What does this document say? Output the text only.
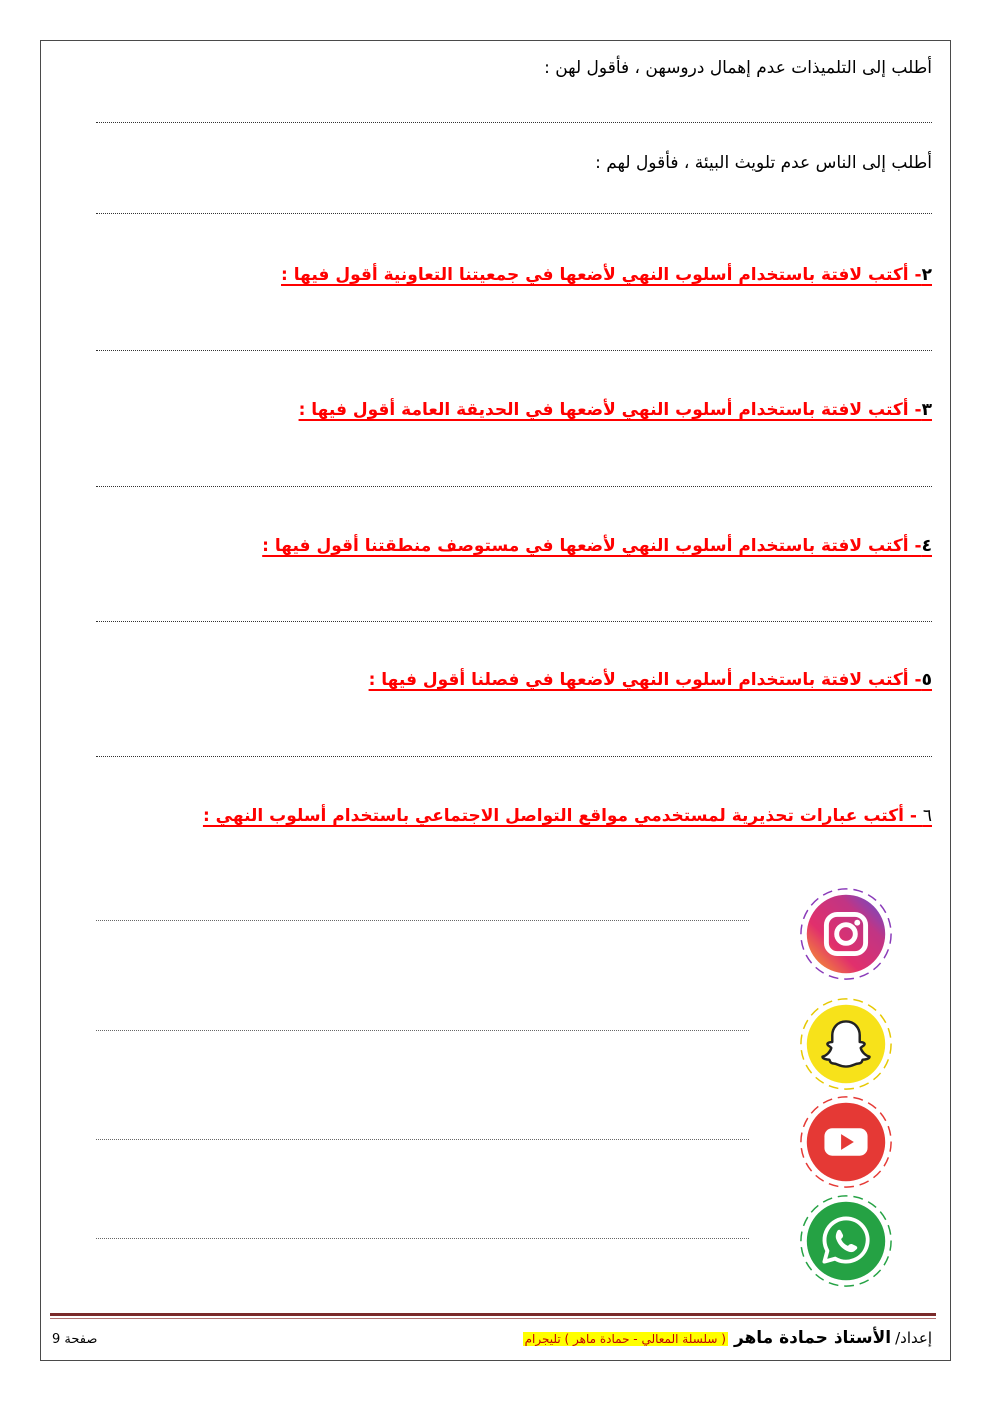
أطلب إلى التلميذات عدم إهمال دروسهن ، فأقول لهن :
أطلب إلى الناس عدم تلويث البيئة ، فأقول لهم :
٢- أكتب لافتة باستخدام أسلوب النهي لأضعها في جمعيتنا التعاونية أقول فيها :
٣- أكتب لافتة باستخدام أسلوب النهي لأضعها في الحديقة العامة أقول فيها :
٤- أكتب لافتة باستخدام أسلوب النهي لأضعها في مستوصف منطقتنا أقول فيها :
٥- أكتب لافتة باستخدام أسلوب النهي لأضعها في فصلنا أقول فيها :
٦ - أكتب عبارات تحذيرية لمستخدمي مواقع التواصل الاجتماعي باستخدام أسلوب النهي :
إعداد/
الأستاذ حمادة ماهر
( سلسلة المعالي - حمادة ماهر ) تليجرام
صفحة 9
